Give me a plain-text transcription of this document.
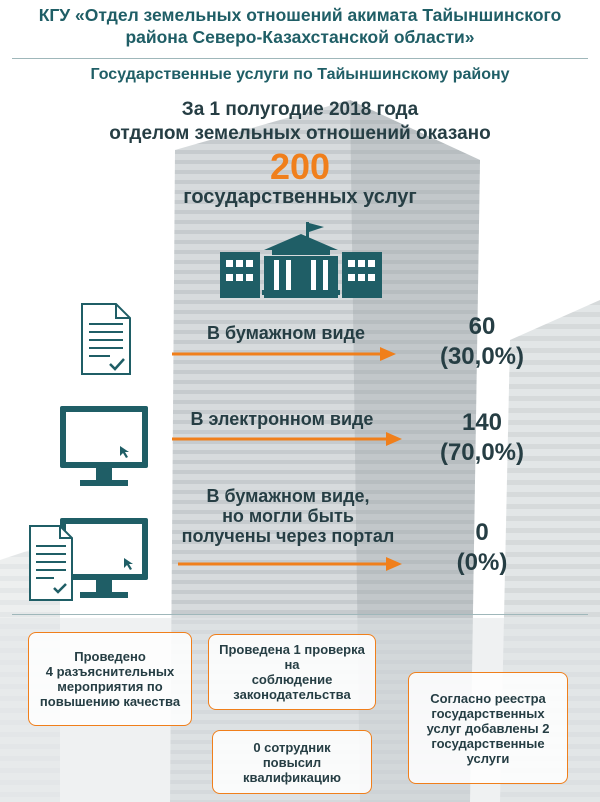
КГУ «Отдел земельных отношений акимата Тайыншинского
района Северо-Казахстанской области»
Государственные услуги по Тайыншинскому району
За 1 полугодие 2018 года
отделом земельных отношений оказано
200
государственных услуг
В бумажном виде	60
(30,0%)
В электронном виде	140
(70,0%)
В бумажном виде,
но могли быть
получены через портал	0
(0%)
Проведено
4 разъяснительных
мероприятия по
повышению качества
Проведена 1 проверка на
соблюдение
законодательства
0 сотрудник
повысил
квалификацию
Согласно реестра
государственных
услуг добавлены 2
государственные
услуги
